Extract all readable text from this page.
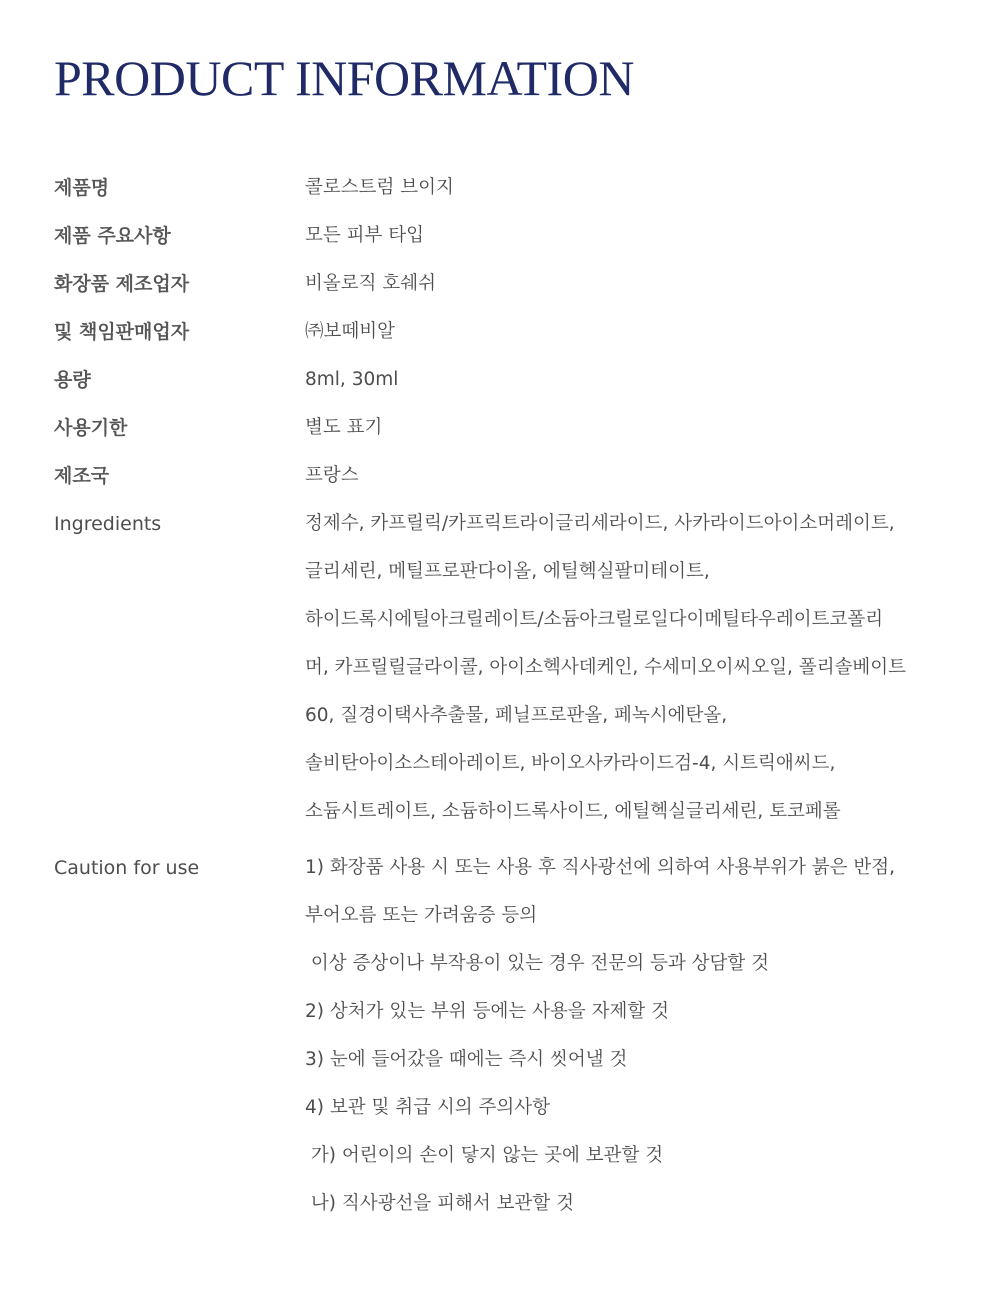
PRODUCT INFORMATION
제품명	콜로스트럼 브이지
제품 주요사항	모든 피부 타입
화장품 제조업자	비올로직 호쉐쉬
및 책임판매업자	㈜보떼비알
용량	8ml, 30ml
사용기한	별도 표기
제조국	프랑스
Ingredients	정제수, 카프릴릭/카프릭트라이글리세라이드, 사카라이드아이소머레이트,
글리세린, 메틸프로판다이올, 에틸헥실팔미테이트,
하이드록시에틸아크릴레이트/소듐아크릴로일다이메틸타우레이트코폴리
머, 카프릴릴글라이콜, 아이소헥사데케인, 수세미오이씨오일, 폴리솔베이트
60, 질경이택사추출물, 페닐프로판올, 페녹시에탄올,
솔비탄아이소스테아레이트, 바이오사카라이드검-4, 시트릭애씨드,
소듐시트레이트, 소듐하이드록사이드, 에틸헥실글리세린, 토코페롤
Caution for use	1) 화장품 사용 시 또는 사용 후 직사광선에 의하여 사용부위가 붉은 반점,
부어오름 또는 가려움증 등의
이상 증상이나 부작용이 있는 경우 전문의 등과 상담할 것
2) 상처가 있는 부위 등에는 사용을 자제할 것
3) 눈에 들어갔을 때에는 즉시 씻어낼 것
4) 보관 및 취급 시의 주의사항
가) 어린이의 손이 닿지 않는 곳에 보관할 것
나) 직사광선을 피해서 보관할 것
